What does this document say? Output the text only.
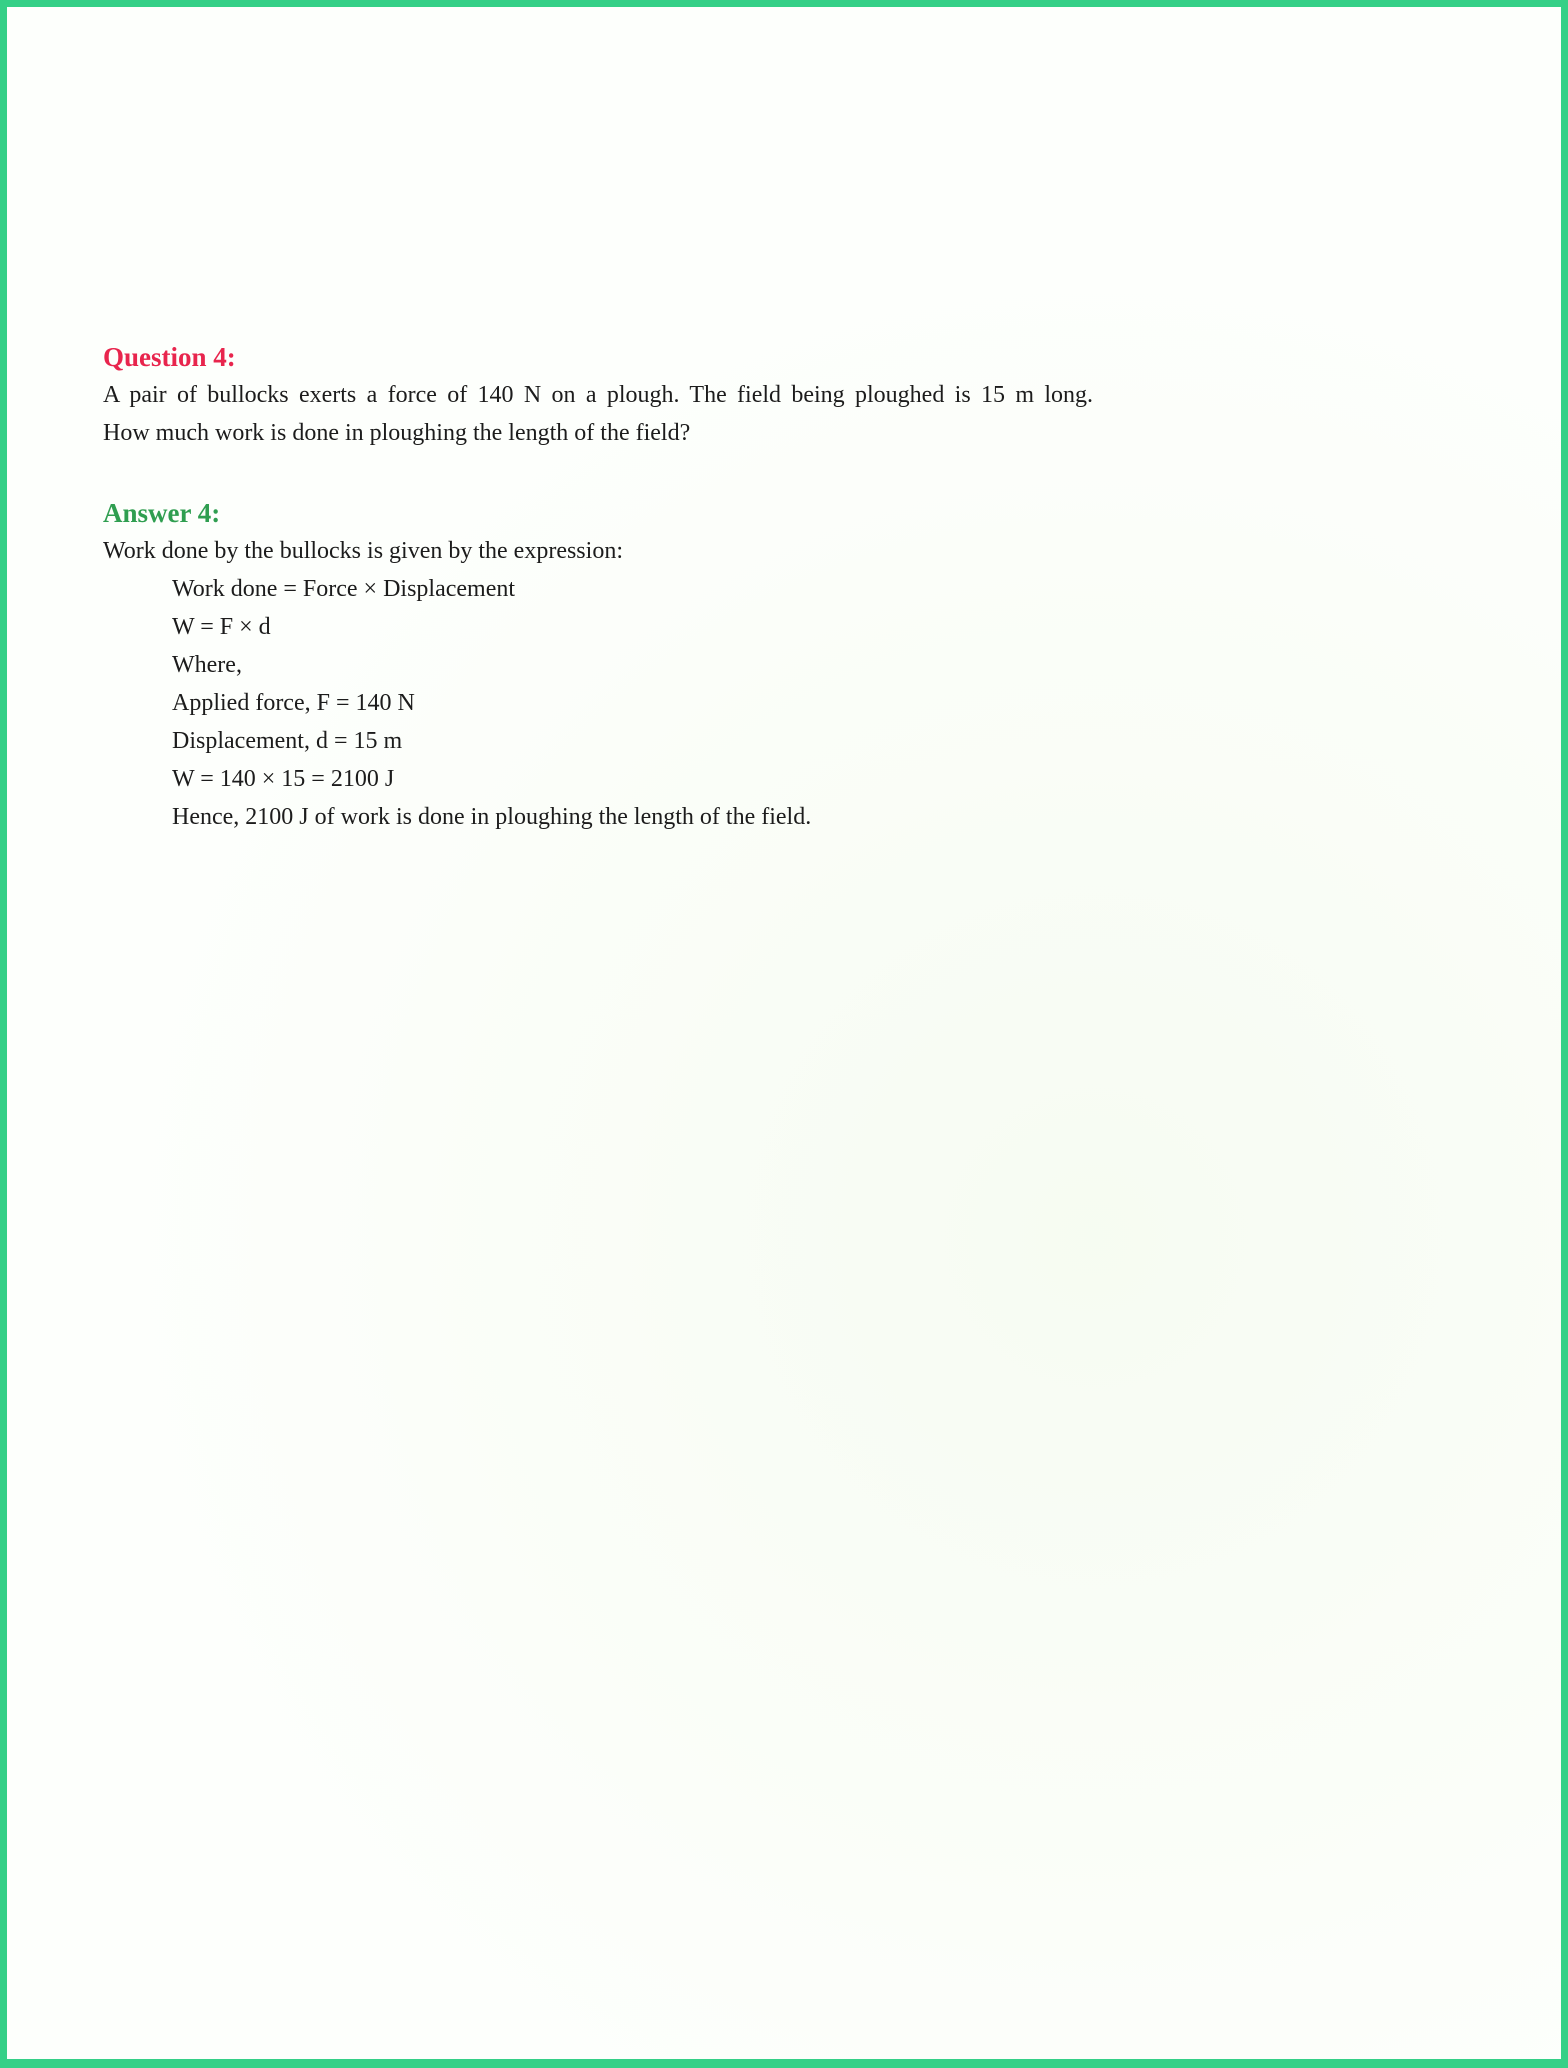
Question 4:
A pair of bullocks exerts a force of 140 N on a plough. The field being ploughed is 15 m long.
How much work is done in ploughing the length of the field?
Answer 4:
Work done by the bullocks is given by the expression:
Work done = Force × Displacement
W = F × d
Where,
Applied force, F = 140 N
Displacement, d = 15 m
W = 140 × 15 = 2100 J
Hence, 2100 J of work is done in ploughing the length of the field.
